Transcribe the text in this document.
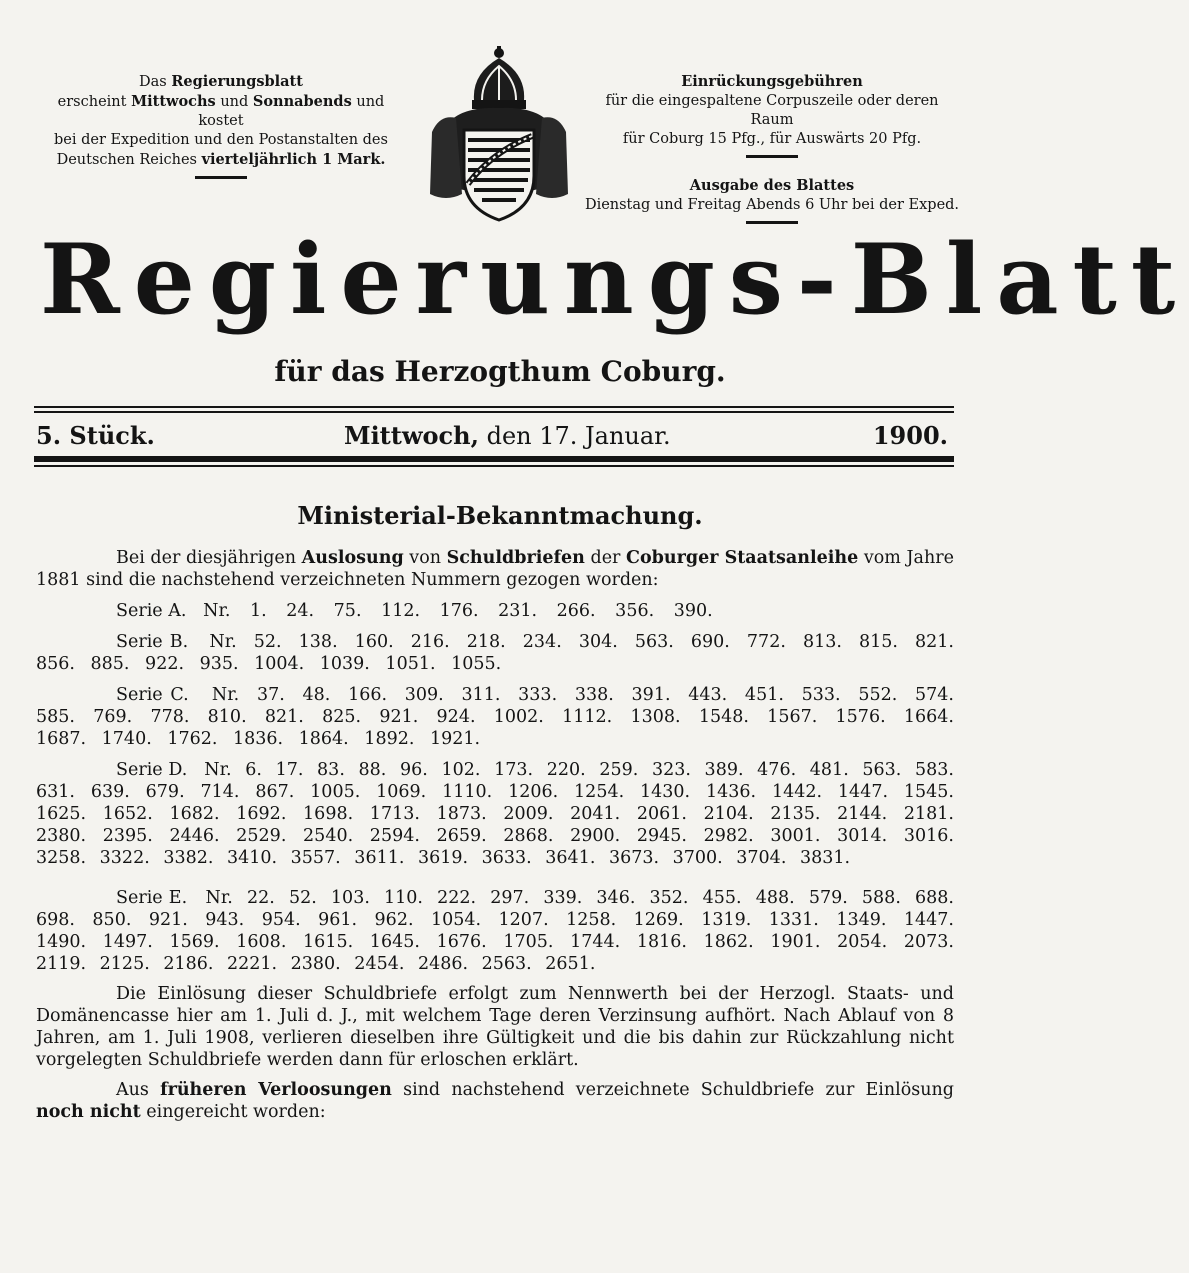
Das Regierungsblatt
erscheint Mittwochs und Sonnabends und kostet
bei der Expedition und den Postanstalten des
Deutschen Reiches vierteljährlich 1 Mark.
Einrückungsgebühren
für die eingespaltene Corpuszeile oder deren Raum
für Coburg 15 Pfg., für Auswärts 20 Pfg.
Ausgabe des Blattes
Dienstag und Freitag Abends 6 Uhr bei der Exped.
Regierungs-Blatt
für das Herzogthum Coburg.
5. Stück.	Mittwoch, den 17. Januar.	1900.
Ministerial-Bekanntmachung.

Bei der diesjährigen Auslosung von Schuldbriefen der Coburger Staatsanleihe vom Jahre 1881 sind die nachstehend verzeichneten Nummern gezogen worden:

Serie A. Nr. 1. 24. 75. 112. 176. 231. 266. 356. 390.

Serie B. Nr. 52. 138. 160. 216. 218. 234. 304. 563. 690. 772. 813. 815. 821. 856. 885. 922. 935. 1004. 1039. 1051. 1055.

Serie C. Nr. 37. 48. 166. 309. 311. 333. 338. 391. 443. 451. 533. 552. 574. 585. 769. 778. 810. 821. 825. 921. 924. 1002. 1112. 1308. 1548. 1567. 1576. 1664. 1687. 1740. 1762. 1836. 1864. 1892. 1921.

Serie D. Nr. 6. 17. 83. 88. 96. 102. 173. 220. 259. 323. 389. 476. 481. 563. 583. 631. 639. 679. 714. 867. 1005. 1069. 1110. 1206. 1254. 1430. 1436. 1442. 1447. 1545. 1625. 1652. 1682. 1692. 1698. 1713. 1873. 2009. 2041. 2061. 2104. 2135. 2144. 2181. 2380. 2395. 2446. 2529. 2540. 2594. 2659. 2868. 2900. 2945. 2982. 3001. 3014. 3016. 3258. 3322. 3382. 3410. 3557. 3611. 3619. 3633. 3641. 3673. 3700. 3704. 3831.

Serie E. Nr. 22. 52. 103. 110. 222. 297. 339. 346. 352. 455. 488. 579. 588. 688. 698. 850. 921. 943. 954. 961. 962. 1054. 1207. 1258. 1269. 1319. 1331. 1349. 1447. 1490. 1497. 1569. 1608. 1615. 1645. 1676. 1705. 1744. 1816. 1862. 1901. 2054. 2073. 2119. 2125. 2186. 2221. 2380. 2454. 2486. 2563. 2651.

Die Einlösung dieser Schuldbriefe erfolgt zum Nennwerth bei der Herzogl. Staats- und Domänencasse hier am 1. Juli d. J., mit welchem Tage deren Verzinsung aufhört. Nach Ablauf von 8 Jahren, am 1. Juli 1908, verlieren dieselben ihre Gültigkeit und die bis dahin zur Rückzahlung nicht vorgelegten Schuldbriefe werden dann für erloschen erklärt.

Aus früheren Verloosungen sind nachstehend verzeichnete Schuldbriefe zur Einlösung noch nicht eingereicht worden:
